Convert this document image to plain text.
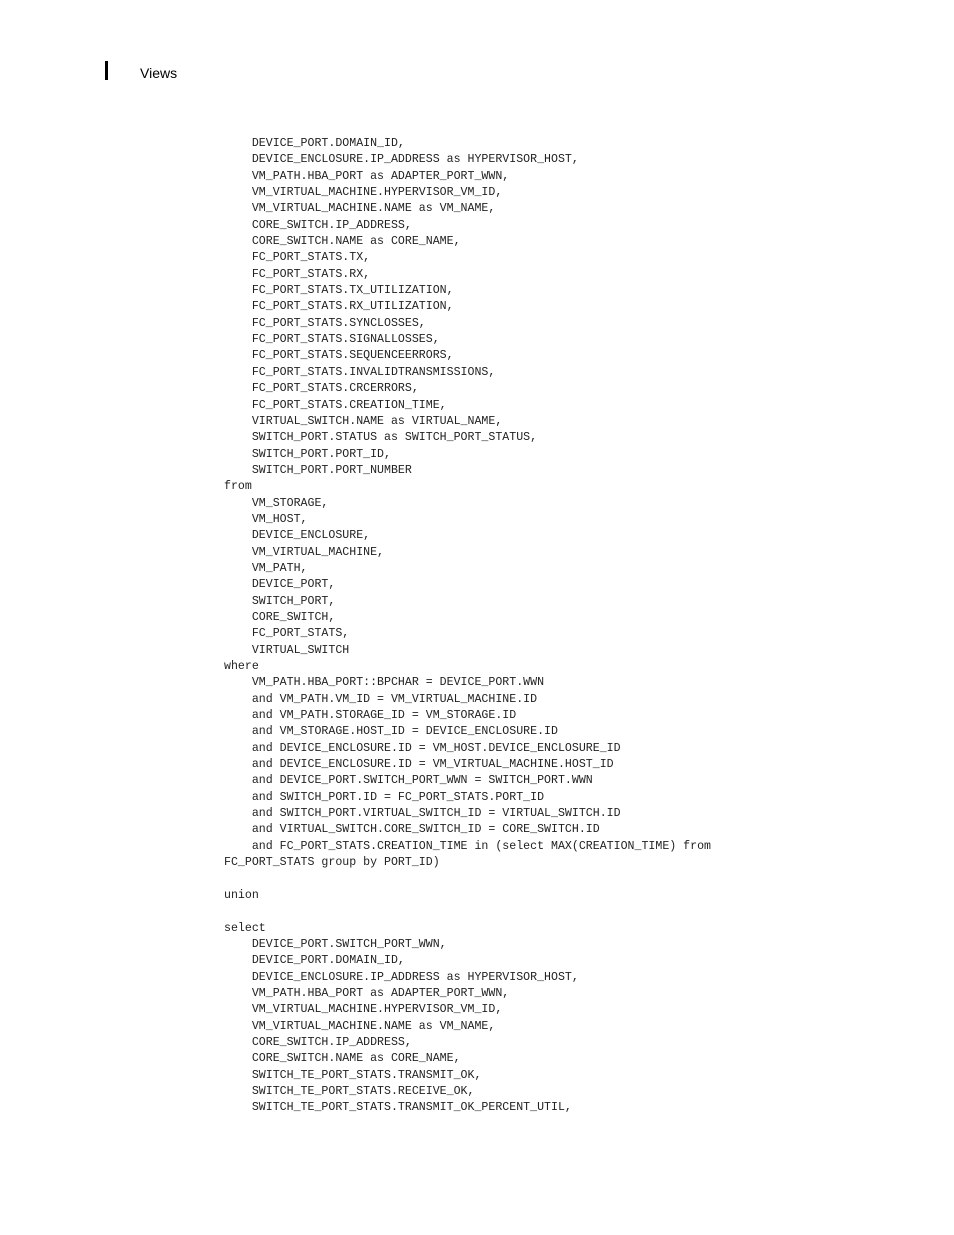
Views
DEVICE_PORT.DOMAIN_ID,
DEVICE_ENCLOSURE.IP_ADDRESS as HYPERVISOR_HOST,
VM_PATH.HBA_PORT as ADAPTER_PORT_WWN,
VM_VIRTUAL_MACHINE.HYPERVISOR_VM_ID,
VM_VIRTUAL_MACHINE.NAME as VM_NAME,
CORE_SWITCH.IP_ADDRESS,
CORE_SWITCH.NAME as CORE_NAME,
FC_PORT_STATS.TX,
FC_PORT_STATS.RX,
FC_PORT_STATS.TX_UTILIZATION,
FC_PORT_STATS.RX_UTILIZATION,
FC_PORT_STATS.SYNCLOSSES,
FC_PORT_STATS.SIGNALLOSSES,
FC_PORT_STATS.SEQUENCEERRORS,
FC_PORT_STATS.INVALIDTRANSMISSIONS,
FC_PORT_STATS.CRCERRORS,
FC_PORT_STATS.CREATION_TIME,
VIRTUAL_SWITCH.NAME as VIRTUAL_NAME,
SWITCH_PORT.STATUS as SWITCH_PORT_STATUS,
SWITCH_PORT.PORT_ID,
SWITCH_PORT.PORT_NUMBER
from
VM_STORAGE,
VM_HOST,
DEVICE_ENCLOSURE,
VM_VIRTUAL_MACHINE,
VM_PATH,
DEVICE_PORT,
SWITCH_PORT,
CORE_SWITCH,
FC_PORT_STATS,
VIRTUAL_SWITCH
where
VM_PATH.HBA_PORT::BPCHAR = DEVICE_PORT.WWN
and VM_PATH.VM_ID = VM_VIRTUAL_MACHINE.ID
and VM_PATH.STORAGE_ID = VM_STORAGE.ID
and VM_STORAGE.HOST_ID = DEVICE_ENCLOSURE.ID
and DEVICE_ENCLOSURE.ID = VM_HOST.DEVICE_ENCLOSURE_ID
and DEVICE_ENCLOSURE.ID = VM_VIRTUAL_MACHINE.HOST_ID
and DEVICE_PORT.SWITCH_PORT_WWN = SWITCH_PORT.WWN
and SWITCH_PORT.ID = FC_PORT_STATS.PORT_ID
and SWITCH_PORT.VIRTUAL_SWITCH_ID = VIRTUAL_SWITCH.ID
and VIRTUAL_SWITCH.CORE_SWITCH_ID = CORE_SWITCH.ID
and FC_PORT_STATS.CREATION_TIME in (select MAX(CREATION_TIME) from
FC_PORT_STATS group by PORT_ID)
union
select
DEVICE_PORT.SWITCH_PORT_WWN,
DEVICE_PORT.DOMAIN_ID,
DEVICE_ENCLOSURE.IP_ADDRESS as HYPERVISOR_HOST,
VM_PATH.HBA_PORT as ADAPTER_PORT_WWN,
VM_VIRTUAL_MACHINE.HYPERVISOR_VM_ID,
VM_VIRTUAL_MACHINE.NAME as VM_NAME,
CORE_SWITCH.IP_ADDRESS,
CORE_SWITCH.NAME as CORE_NAME,
SWITCH_TE_PORT_STATS.TRANSMIT_OK,
SWITCH_TE_PORT_STATS.RECEIVE_OK,
SWITCH_TE_PORT_STATS.TRANSMIT_OK_PERCENT_UTIL,
